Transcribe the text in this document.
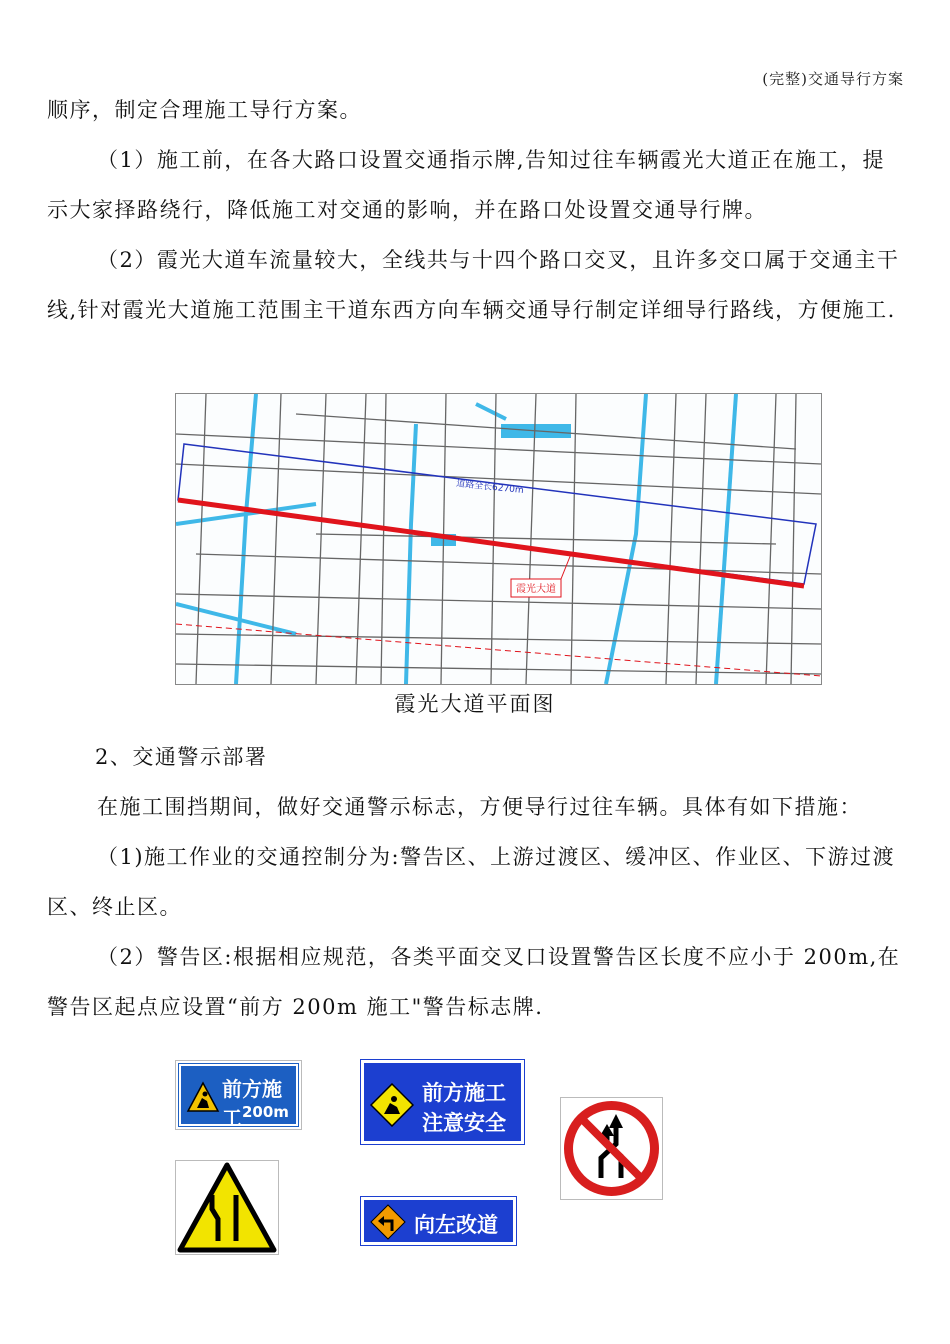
(完整)交通导行方案

顺序，制定合理施工导行方案。

（1）施工前，在各大路口设置交通指示牌,告知过往车辆霞光大道正在施工，提示大家择路绕行，降低施工对交通的影响，并在路口处设置交通导行牌。

（2）霞光大道车流量较大，全线共与十四个路口交叉，且许多交口属于交通主干线,针对霞光大道施工范围主干道东西方向车辆交通导行制定详细导行路线，方便施工.

道路全长6270m
霞光大道
霞光大道平面图

2、交通警示部署

在施工围挡期间，做好交通警示标志，方便导行过往车辆。具体有如下措施：

（1)施工作业的交通控制分为:警告区、上游过渡区、缓冲区、作业区、下游过渡区、终止区。

（2）警告区:根据相应规范，各类平面交叉口设置警告区长度不应小于 200m,在警告区起点应设置“前方 200m 施工"警告标志牌.

前方施工 200m
前方施工
注意安全
向左改道
